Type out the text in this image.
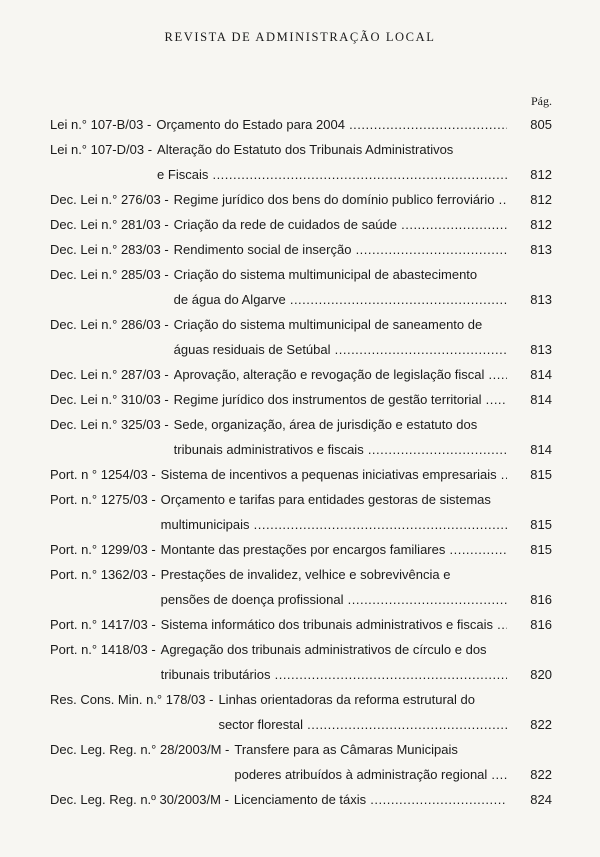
REVISTA DE ADMINISTRAÇÃO LOCAL
Pág.
Lei n.° 107-B/03 - Orçamento do Estado para 2004 .....	805
Lei n.° 107-D/03 - Alteração do Estatuto dos Tribunais Administrativos
e Fiscais .....	812
Dec. Lei n.° 276/03 - Regime jurídico dos bens do domínio publico ferroviário .....	812
Dec. Lei n.° 281/03 - Criação da rede de cuidados de saúde .....	812
Dec. Lei n.° 283/03 - Rendimento social de inserção .....	813
Dec. Lei n.° 285/03 - Criação do sistema multimunicipal de abastecimento
de água do Algarve .....	813
Dec. Lei n.° 286/03 - Criação do sistema multimunicipal de saneamento de
águas residuais de Setúbal .....	813
Dec. Lei n.° 287/03 - Aprovação, alteração e revogação de legislação fiscal .....	814
Dec. Lei n.° 310/03 - Regime jurídico dos instrumentos de gestão territorial .....	814
Dec. Lei n.° 325/03 - Sede, organização, área de jurisdição e estatuto dos
tribunais administrativos e fiscais .....	814
Port. n ° 1254/03 - Sistema de incentivos a pequenas iniciativas empresariais .....	815
Port. n.° 1275/03 - Orçamento e tarifas para entidades gestoras de sistemas
multimunicipais .....	815
Port. n.° 1299/03 - Montante das prestações por encargos familiares .....	815
Port. n.° 1362/03 - Prestações de invalidez, velhice e sobrevivência e
pensões de doença profissional .....	816
Port. n.° 1417/03 - Sistema informático dos tribunais administrativos e fiscais .....	816
Port. n.° 1418/03 - Agregação dos tribunais administrativos de círculo e dos
tribunais tributários .....	820
Res. Cons. Min. n.° 178/03 - Linhas orientadoras da reforma estrutural do
sector florestal .....	822
Dec. Leg. Reg. n.° 28/2003/M - Transfere para as Câmaras Municipais
poderes atribuídos à administração regional .....	822
Dec. Leg. Reg. n.º 30/2003/M - Licenciamento de táxis .....	824
